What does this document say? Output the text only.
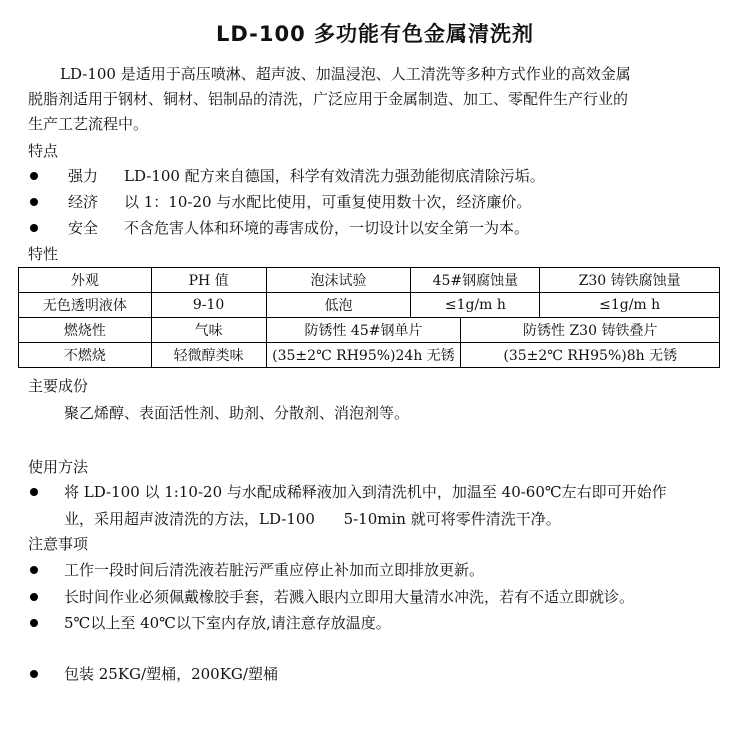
LD-100 多功能有色金属清洗剂
LD-100 是适用于高压喷淋、超声波、加温浸泡、人工清洗等多种方式作业的高效金属
脱脂剂适用于钢材、铜材、铝制品的清洗，广泛应用于金属制造、加工、零配件生产行业的
生产工艺流程中。
特点
强力 LD-100 配方来自德国，科学有效清洗力强劲能彻底清除污垢。
经济 以 1：10-20 与水配比使用，可重复使用数十次，经济廉价。
安全 不含危害人体和环境的毒害成份，一切设计以安全第一为本。
特性
外观	PH 值	泡沫试验	45#钢腐蚀量		Z30 铸铁腐蚀量
无色透明液体	9-10	低泡	≤1g/m h		≤1g/m h
燃烧性	气味	防锈性 45#钢单片		防锈性 Z30 铸铁叠片	
不燃烧	轻微醇类味	(35±2℃ RH95%)24h 无锈		(35±2℃ RH95%)8h 无锈	
主要成份
聚乙烯醇、表面活性剂、助剂、分散剂、消泡剂等。
使用方法
将 LD-100 以 1:10-20 与水配成稀释液加入到清洗机中，加温至 40-60℃左右即可开始作
业，采用超声波清洗的方法，LD-100      5-10min 就可将零件清洗干净。
注意事项
工作一段时间后清洗液若脏污严重应停止补加而立即排放更新。
长时间作业必须佩戴橡胶手套，若溅入眼内立即用大量清水冲洗，若有不适立即就诊。
5℃以上至 40℃以下室内存放,请注意存放温度。
包装 25KG/塑桶，200KG/塑桶
